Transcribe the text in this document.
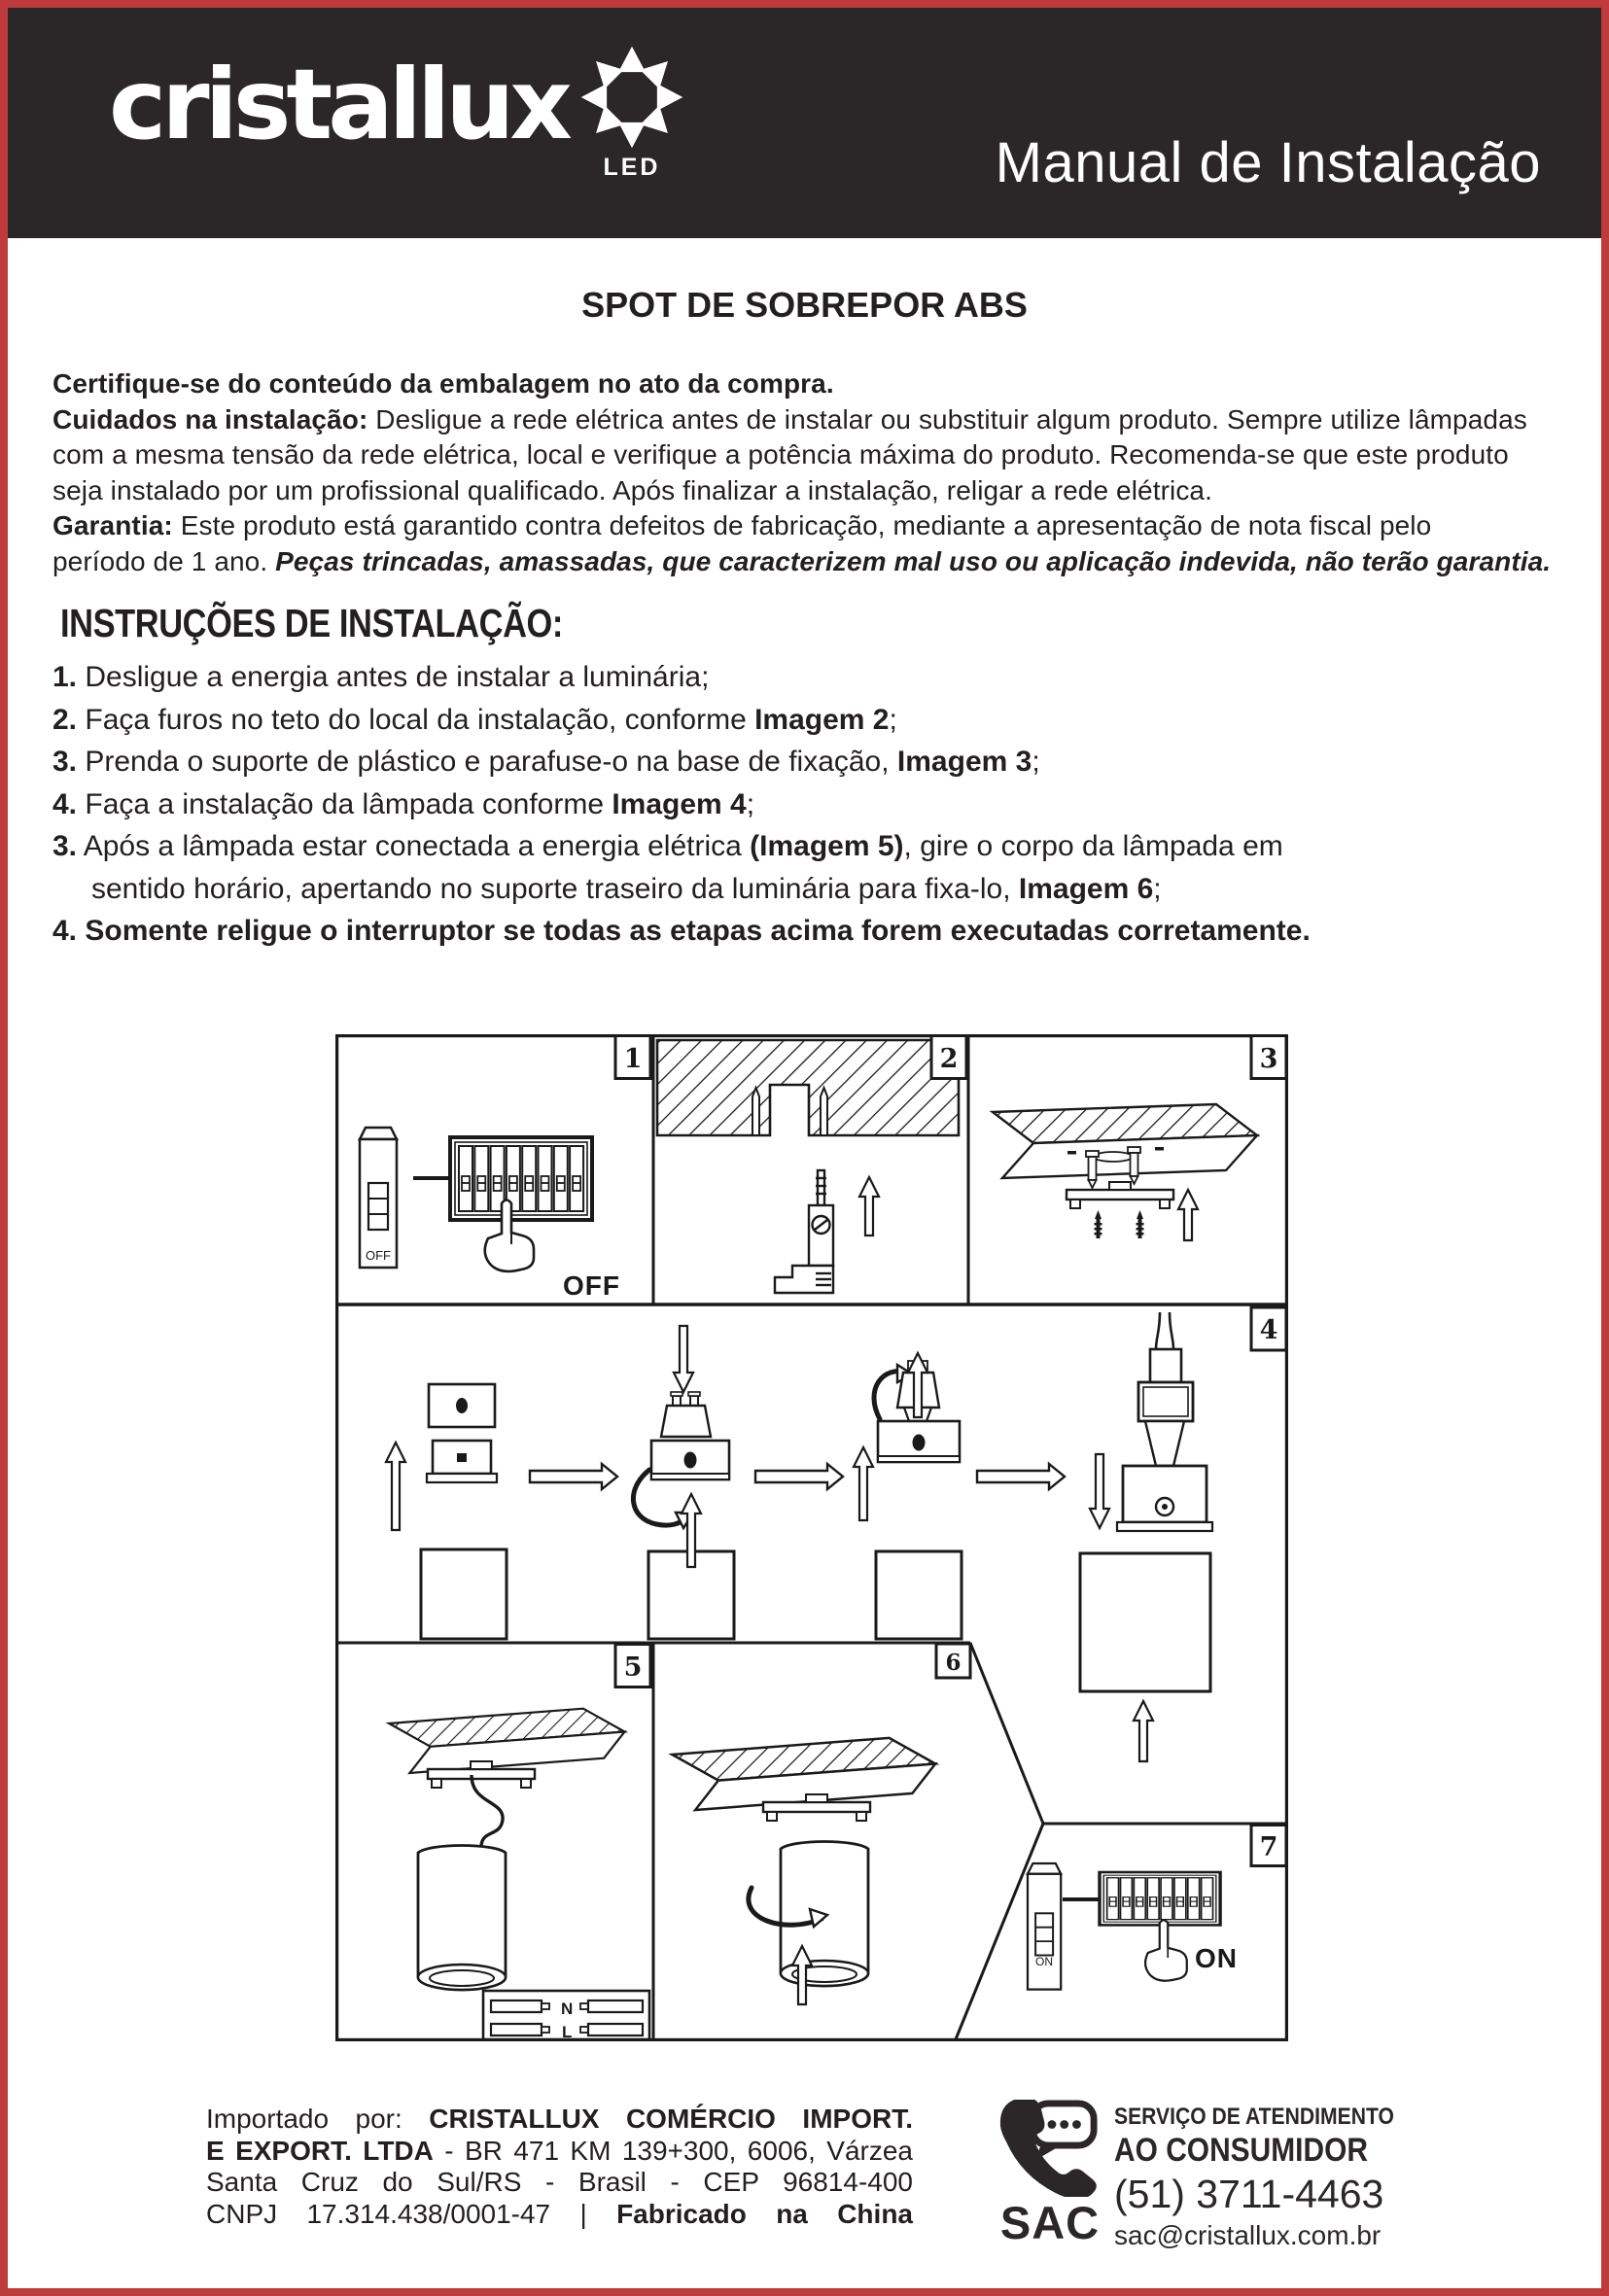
cristallux
LED	Manual de Instalação
SPOT DE SOBREPOR ABS
Certifique-se do conteúdo da embalagem no ato da compra.
Cuidados na instalação: Desligue a rede elétrica antes de instalar ou substituir algum produto. Sempre utilize lâmpadas
com a mesma tensão da rede elétrica, local e verifique a potência máxima do produto. Recomenda-se que este produto
seja instalado por um profissional qualificado. Após finalizar a instalação, religar a rede elétrica.
Garantia: Este produto está garantido contra defeitos de fabricação, mediante a apresentação de nota fiscal pelo
período de 1 ano. Peças trincadas, amassadas, que caracterizem mal uso ou aplicação indevida, não terão garantia.
INSTRUÇÕES DE INSTALAÇÃO:
1. Desligue a energia antes de instalar a luminária;
2. Faça furos no teto do local da instalação, conforme Imagem 2;
3. Prenda o suporte de plástico e parafuse-o na base de fixação, Imagem 3;
4. Faça a instalação da lâmpada conforme Imagem 4;
3. Após a lâmpada estar conectada a energia elétrica (Imagem 5), gire o corpo da lâmpada em
sentido horário, apertando no suporte traseiro da luminária para fixa-lo, Imagem 6;
4. Somente religue o interruptor se todas as etapas acima forem executadas corretamente.
OFF
OFF
N
L
ON	ON
1	2	3
4
5	6
7
Importado por: CRISTALLUX COMÉRCIO IMPORT.
E EXPORT. LTDA - BR 471 KM 139+300, 6006, Várzea
Santa Cruz do Sul/RS - Brasil - CEP 96814-400
CNPJ 17.314.438/0001-47 | Fabricado na China SAC
SERVIÇO DE ATENDIMENTO
AO CONSUMIDOR
(51) 3711-4463
sac@cristallux.com.br
